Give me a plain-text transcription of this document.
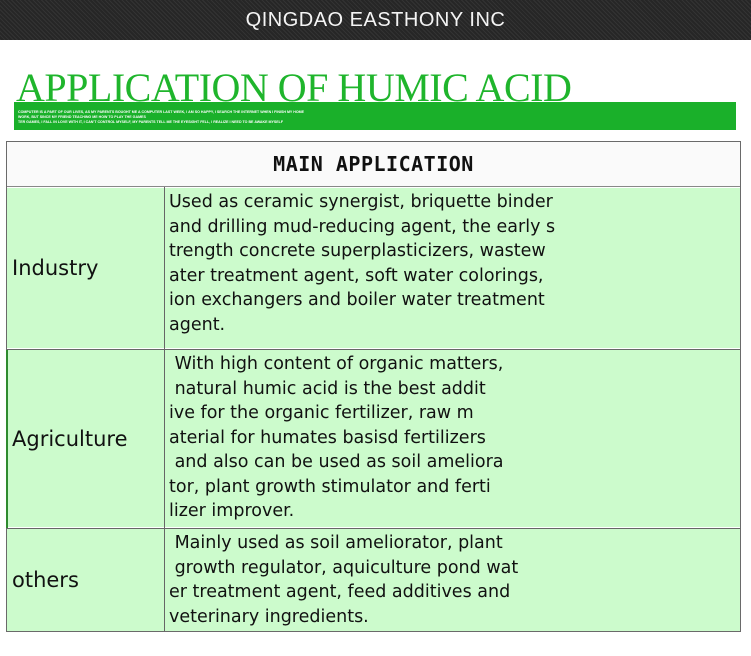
QINGDAO EASTHONY INC
COMPUTER IS A PART OF OUR LIVES, AS MY PARENTS BOUGHT ME A COMPUTER LAST WEEK, I AM SO HAPPY, I SEARCH THE INTERNET WHEN I FINISH MY HOME
WORK, BUT SINCE MY FRIEND TEACHING ME HOW TO PLAY THE GAMES
TER GAMES, I FALL IN LOVE WITH IT, I CAN'T CONTROL MYSELF, MY PARENTS TELL ME THE EYESIGHT FELL, I REALIZE I NEED TO BE AWAKE MYSELF
APPLICATION OF HUMIC ACID
MAIN APPLICATION
Industry
Used as ceramic synergist, briquette binder
and drilling mud-reducing agent, the early s
trength concrete superplasticizers, wastew
ater treatment agent, soft water colorings,
ion exchangers and boiler water treatment
agent.
Agriculture
With high content of organic matters,
natural humic acid is the best addit
ive for the organic fertilizer, raw m
aterial for humates basisd fertilizers
and also can be used as soil ameliora
tor, plant growth stimulator and ferti
lizer improver.
others
Mainly used as soil ameliorator, plant
growth regulator, aquiculture pond wat
er treatment agent, feed additives and
veterinary ingredients.
